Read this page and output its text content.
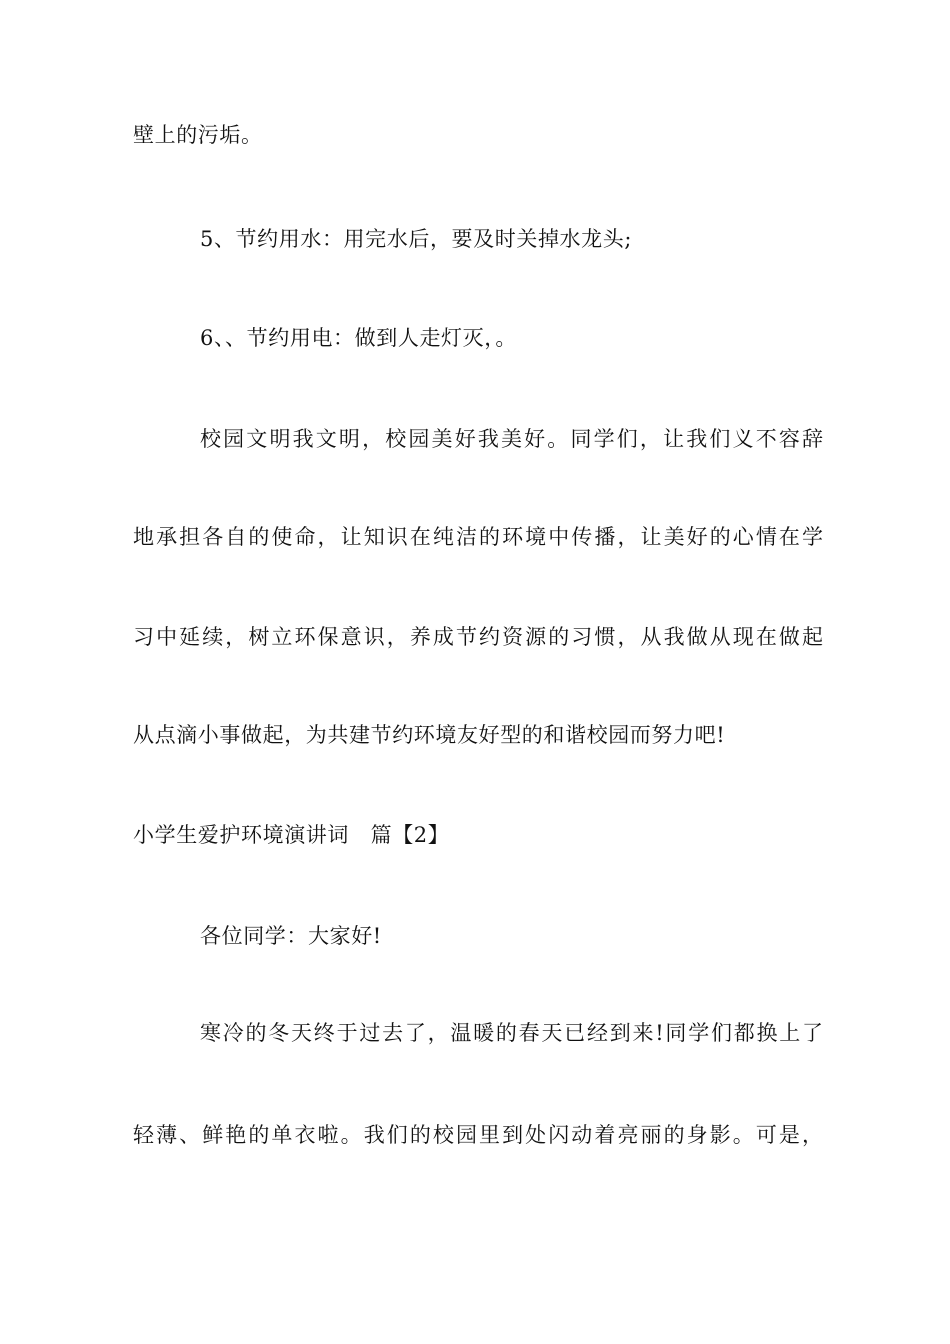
壁上的污垢。
5、节约用水：用完水后，要及时关掉水龙头;
6、、节约用电：做到人走灯灭，。
校园文明我文明，校园美好我美好。同学们，让我们义不容辞
地承担各自的使命，让知识在纯洁的环境中传播，让美好的心情在学
习中延续，树立环保意识，养成节约资源的习惯，从我做从现在做起
从点滴小事做起，为共建节约环境友好型的和谐校园而努力吧!
小学生爱护环境演讲词　篇【2】
各位同学：大家好!
寒冷的冬天终于过去了，温暖的春天已经到来!同学们都换上了
轻薄、鲜艳的单衣啦。我们的校园里到处闪动着亮丽的身影。可是，
